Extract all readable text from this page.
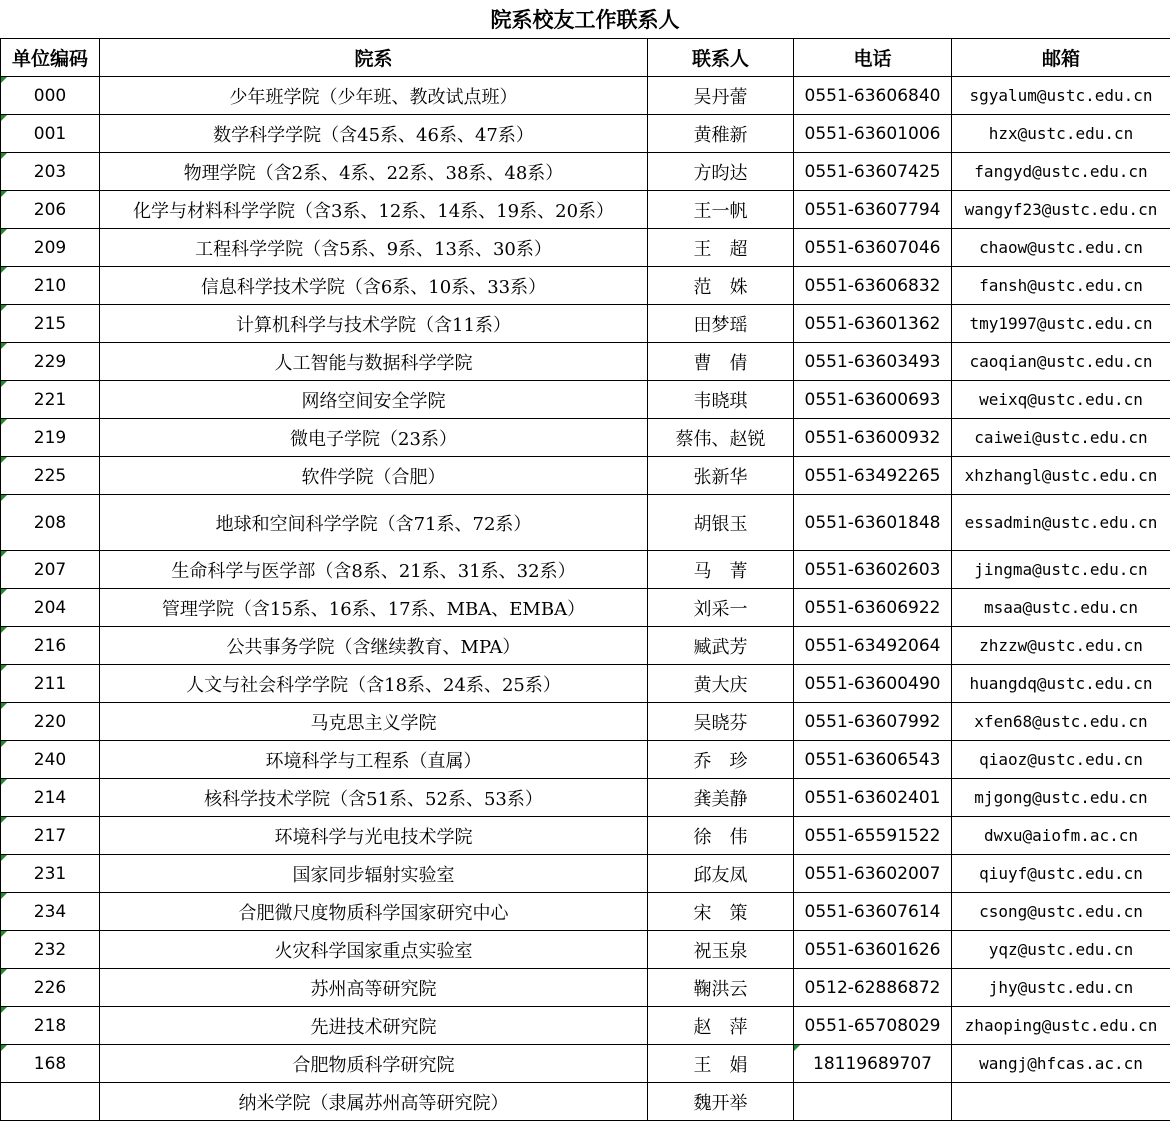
院系校友工作联系人
单位编码	院系	联系人	电话	邮箱
000	少年班学院（少年班、教改试点班）	吴丹蕾	0551-63606840	sgyalum@ustc.edu.cn
001	数学科学学院（含45系、46系、47系）	黄稚新	0551-63601006	hzx@ustc.edu.cn
203	物理学院（含2系、4系、22系、38系、48系）	方昀达	0551-63607425	fangyd@ustc.edu.cn
206	化学与材料科学学院（含3系、12系、14系、19系、20系）	王一帆	0551-63607794	wangyf23@ustc.edu.cn
209	工程科学学院（含5系、9系、13系、30系）	王　超	0551-63607046	chaow@ustc.edu.cn
210	信息科学技术学院（含6系、10系、33系）	范　姝	0551-63606832	fansh@ustc.edu.cn
215	计算机科学与技术学院（含11系）	田梦瑶	0551-63601362	tmy1997@ustc.edu.cn
229	人工智能与数据科学学院	曹　倩	0551-63603493	caoqian@ustc.edu.cn
221	网络空间安全学院	韦晓琪	0551-63600693	weixq@ustc.edu.cn
219	微电子学院（23系）	蔡伟、赵锐	0551-63600932	caiwei@ustc.edu.cn
225	软件学院（合肥）	张新华	0551-63492265	xhzhangl@ustc.edu.cn
208	地球和空间科学学院（含71系、72系）	胡银玉	0551-63601848	essadmin@ustc.edu.cn
207	生命科学与医学部（含8系、21系、31系、32系）	马　菁	0551-63602603	jingma@ustc.edu.cn
204	管理学院（含15系、16系、17系、MBA、EMBA）	刘采一	0551-63606922	msaa@ustc.edu.cn
216	公共事务学院（含继续教育、MPA）	臧武芳	0551-63492064	zhzzw@ustc.edu.cn
211	人文与社会科学学院（含18系、24系、25系）	黄大庆	0551-63600490	huangdq@ustc.edu.cn
220	马克思主义学院	吴晓芬	0551-63607992	xfen68@ustc.edu.cn
240	环境科学与工程系（直属）	乔　珍	0551-63606543	qiaoz@ustc.edu.cn
214	核科学技术学院（含51系、52系、53系）	龚美静	0551-63602401	mjgong@ustc.edu.cn
217	环境科学与光电技术学院	徐　伟	0551-65591522	dwxu@aiofm.ac.cn
231	国家同步辐射实验室	邱友凤	0551-63602007	qiuyf@ustc.edu.cn
234	合肥微尺度物质科学国家研究中心	宋　策	0551-63607614	csong@ustc.edu.cn
232	火灾科学国家重点实验室	祝玉泉	0551-63601626	yqz@ustc.edu.cn
226	苏州高等研究院	鞠洪云	0512-62886872	jhy@ustc.edu.cn
218	先进技术研究院	赵　萍	0551-65708029	zhaoping@ustc.edu.cn
168	合肥物质科学研究院	王　娟	18119689707	wangj@hfcas.ac.cn
	纳米学院（隶属苏州高等研究院）	魏开举		
